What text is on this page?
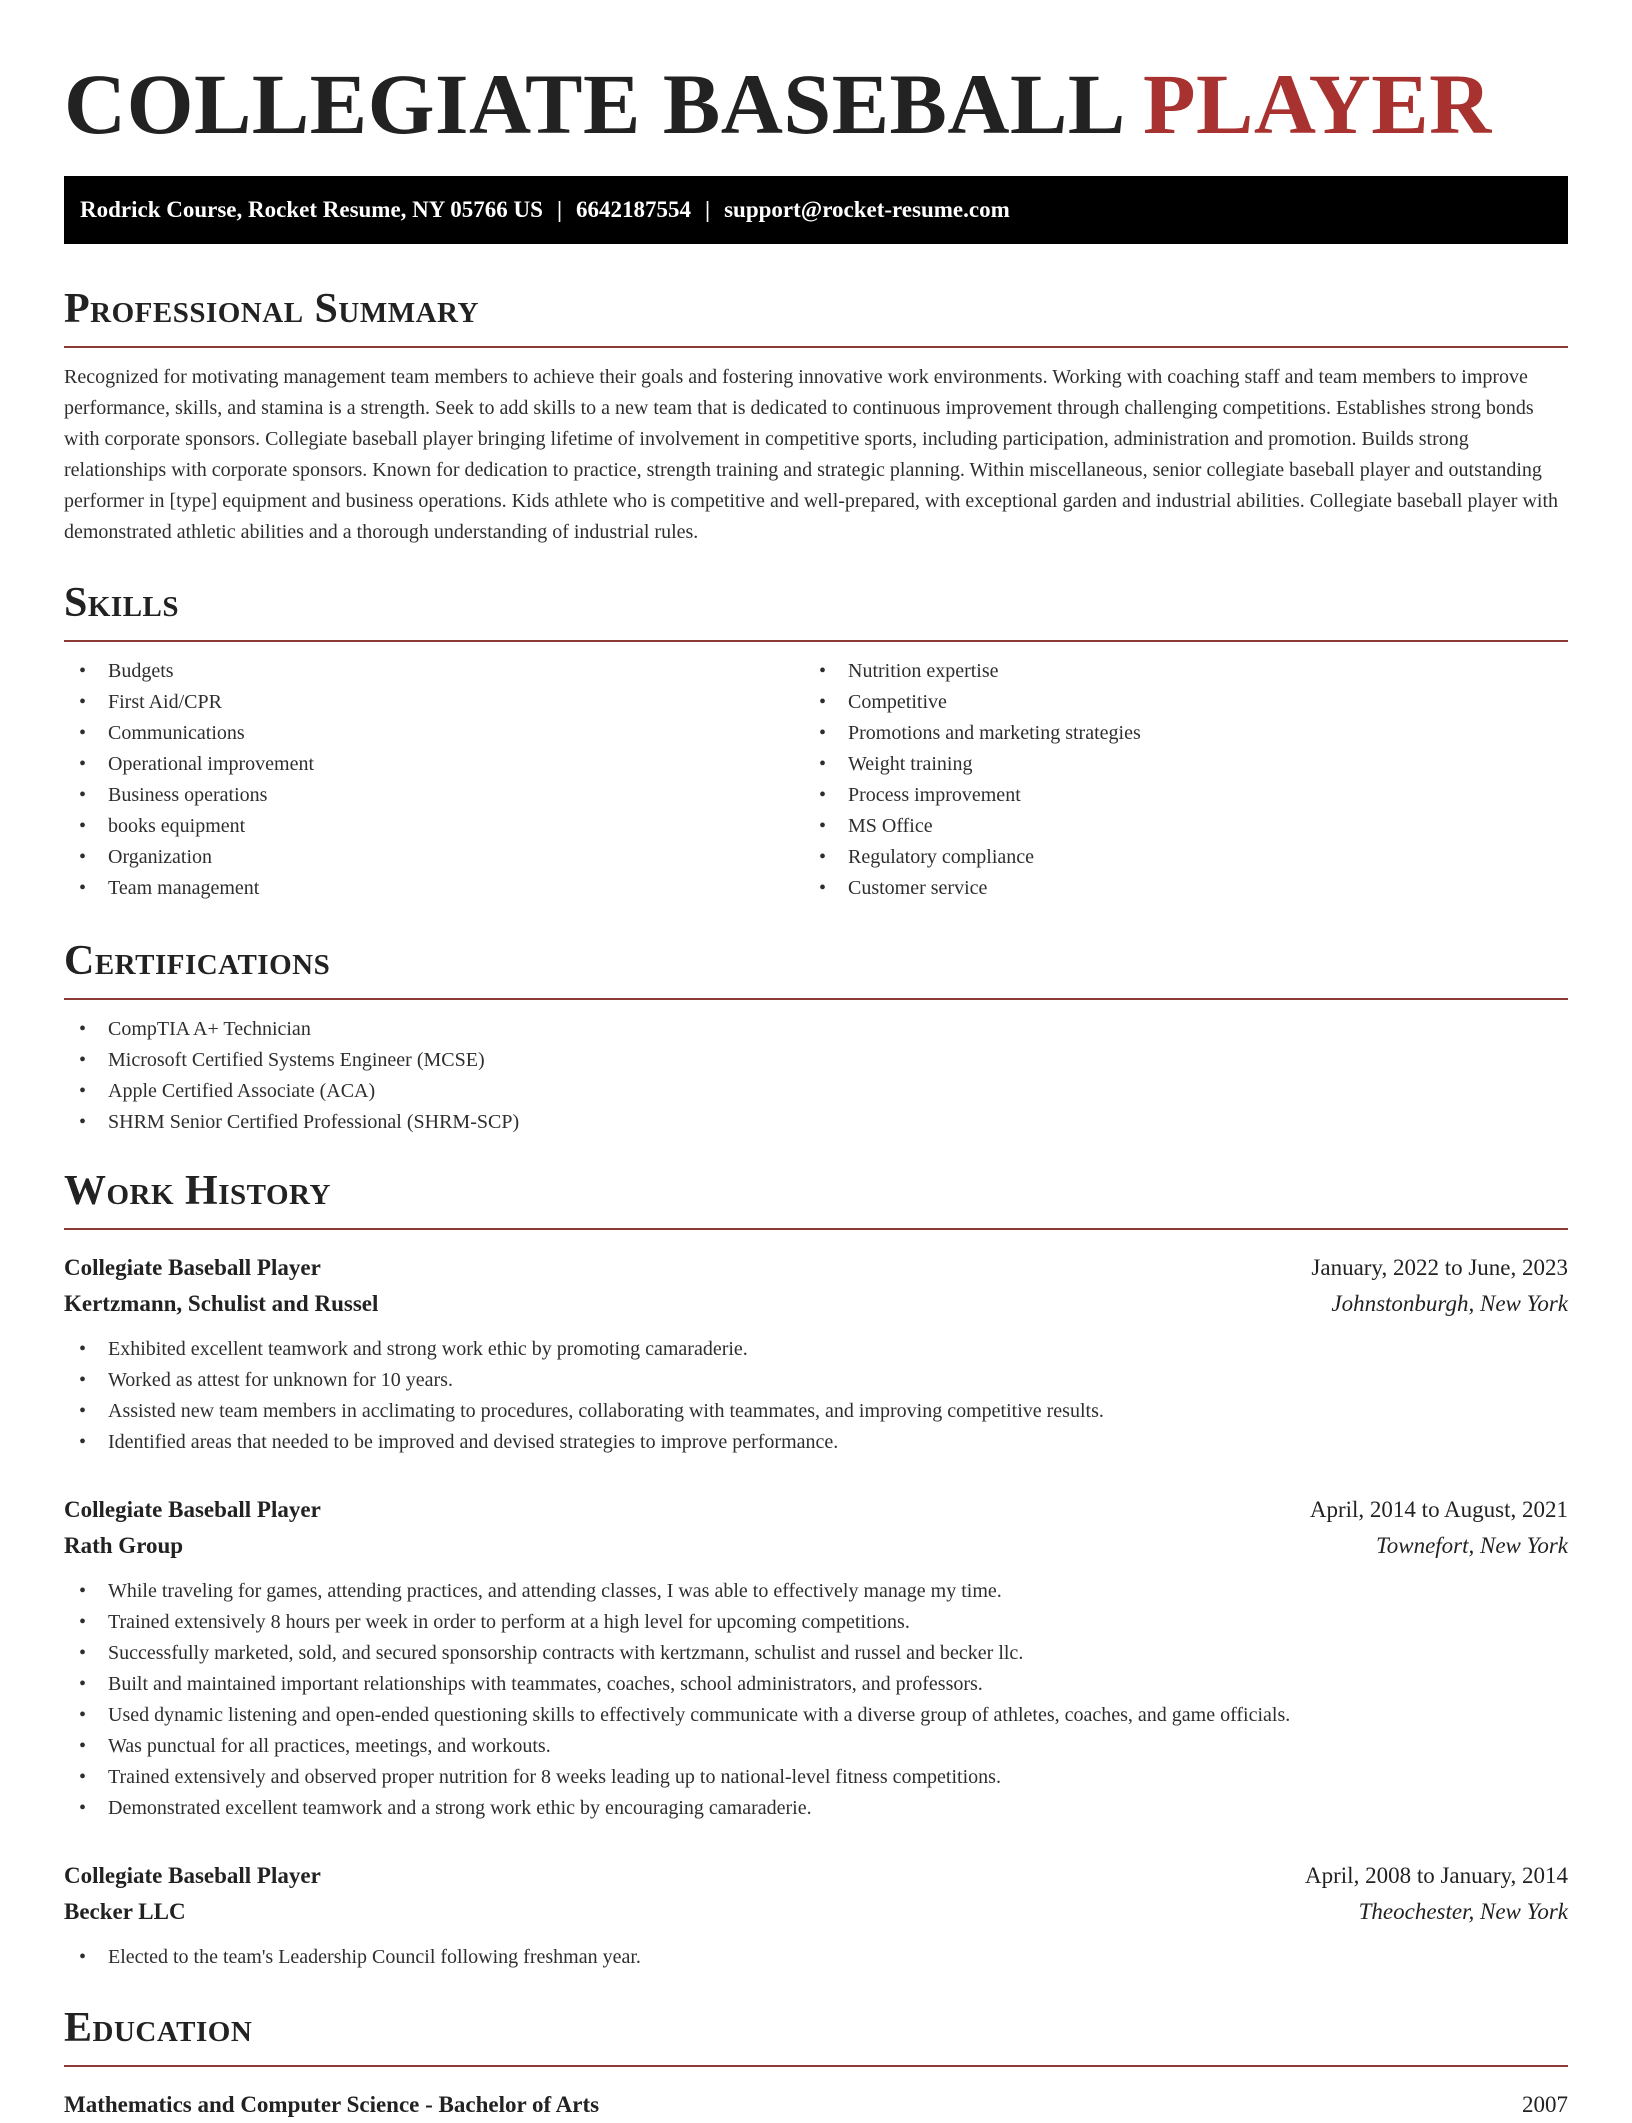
COLLEGIATE BASEBALL PLAYER
Rodrick Course, Rocket Resume, NY 05766 US | 6642187554 | support@rocket-resume.com
Professional Summary

Recognized for motivating management team members to achieve their goals and fostering innovative work environments. Working with coaching staff and team members to improve performance, skills, and stamina is a strength. Seek to add skills to a new team that is dedicated to continuous improvement through challenging competitions. Establishes strong bonds with corporate sponsors. Collegiate baseball player bringing lifetime of involvement in competitive sports, including participation, administration and promotion. Builds strong relationships with corporate sponsors. Known for dedication to practice, strength training and strategic planning. Within miscellaneous, senior collegiate baseball player and outstanding performer in [type] equipment and business operations. Kids athlete who is competitive and well-prepared, with exceptional garden and industrial abilities. Collegiate baseball player with demonstrated athletic abilities and a thorough understanding of industrial rules.

Skills
• Budgets
• First Aid/CPR
• Communications
• Operational improvement
• Business operations
• books equipment
• Organization
• Team management
• Nutrition expertise
• Competitive
• Promotions and marketing strategies
• Weight training
• Process improvement
• MS Office
• Regulatory compliance
• Customer service
Certifications
• CompTIA A+ Technician
• Microsoft Certified Systems Engineer (MCSE)
• Apple Certified Associate (ACA)
• SHRM Senior Certified Professional (SHRM-SCP)
Work History
Collegiate Baseball Player	January, 2022 to June, 2023
Kertzmann, Schulist and Russel	Johnstonburgh, New York
• Exhibited excellent teamwork and strong work ethic by promoting camaraderie.
• Worked as attest for unknown for 10 years.
• Assisted new team members in acclimating to procedures, collaborating with teammates, and improving competitive results.
• Identified areas that needed to be improved and devised strategies to improve performance.
Collegiate Baseball Player	April, 2014 to August, 2021
Rath Group	Townefort, New York
• While traveling for games, attending practices, and attending classes, I was able to effectively manage my time.
• Trained extensively 8 hours per week in order to perform at a high level for upcoming competitions.
• Successfully marketed, sold, and secured sponsorship contracts with kertzmann, schulist and russel and becker llc.
• Built and maintained important relationships with teammates, coaches, school administrators, and professors.
• Used dynamic listening and open-ended questioning skills to effectively communicate with a diverse group of athletes, coaches, and game officials.
• Was punctual for all practices, meetings, and workouts.
• Trained extensively and observed proper nutrition for 8 weeks leading up to national-level fitness competitions.
• Demonstrated excellent teamwork and a strong work ethic by encouraging camaraderie.
Collegiate Baseball Player	April, 2008 to January, 2014
Becker LLC	Theochester, New York
• Elected to the team's Leadership Council following freshman year.
Education
Mathematics and Computer Science - Bachelor of Arts	2007
